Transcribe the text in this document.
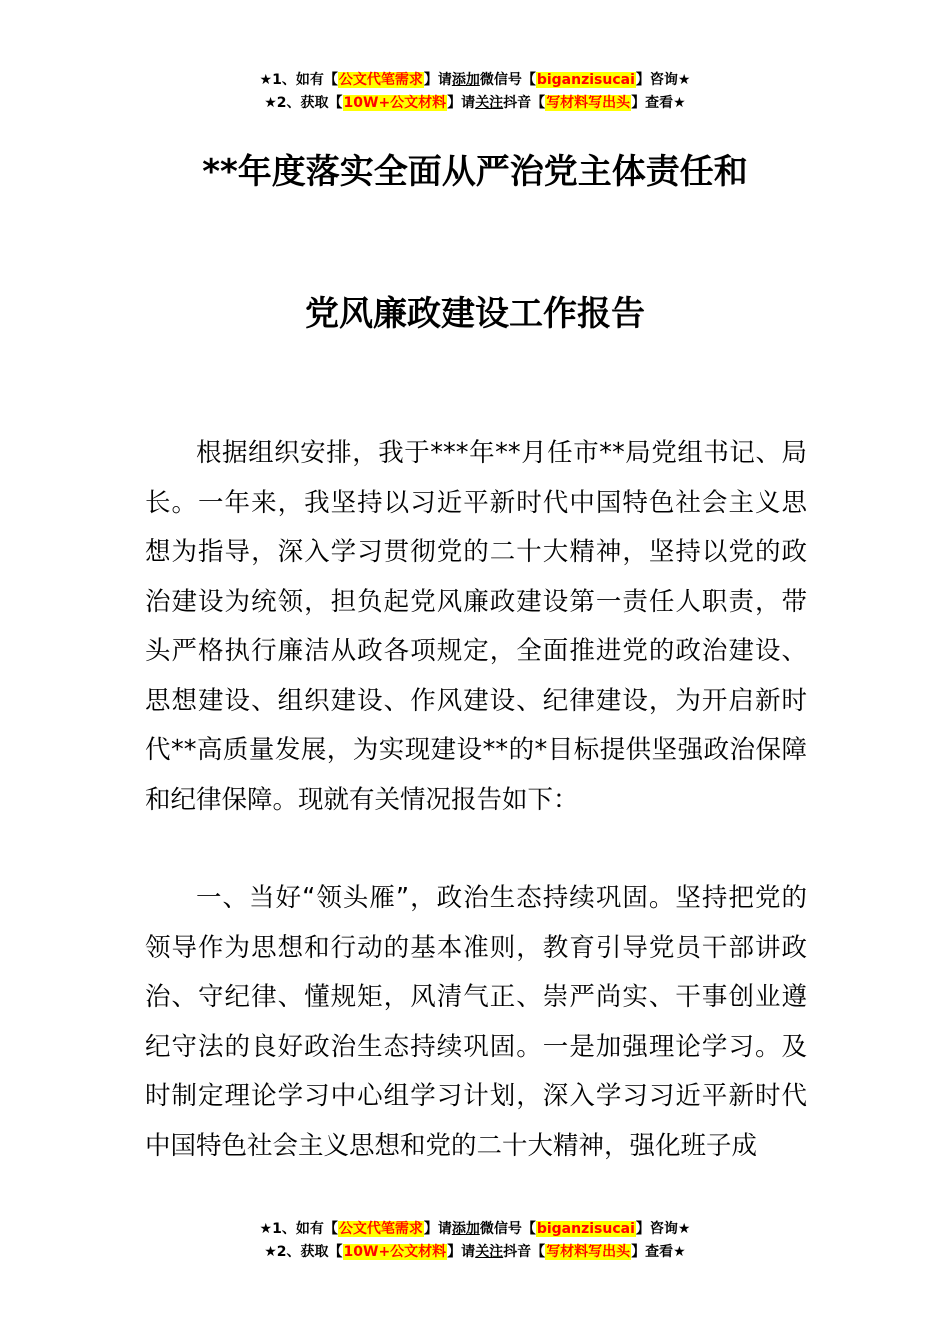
★1、如有【公文代笔需求】请添加微信号【biganzisucai】咨询★
★2、获取【10W+公文材料】请关注抖音【写材料写出头】查看★
**年度落实全面从严治党主体责任和
党风廉政建设工作报告

根据组织安排，我于***年**月任市**局党组书记、局长。一年来，我坚持以习近平新时代中国特色社会主义思想为指导，深入学习贯彻党的二十大精神，坚持以党的政治建设为统领，担负起党风廉政建设第一责任人职责，带头严格执行廉洁从政各项规定，全面推进党的政治建设、思想建设、组织建设、作风建设、纪律建设，为开启新时代**高质量发展，为实现建设**的*目标提供坚强政治保障和纪律保障。现就有关情况报告如下：

一、当好“领头雁”，政治生态持续巩固。坚持把党的领导作为思想和行动的基本准则，教育引导党员干部讲政治、守纪律、懂规矩，风清气正、崇严尚实、干事创业遵纪守法的良好政治生态持续巩固。一是加强理论学习。及时制定理论学习中心组学习计划，深入学习习近平新时代中国特色社会主义思想和党的二十大精神，强化班子成

★1、如有【公文代笔需求】请添加微信号【biganzisucai】咨询★
★2、获取【10W+公文材料】请关注抖音【写材料写出头】查看★
